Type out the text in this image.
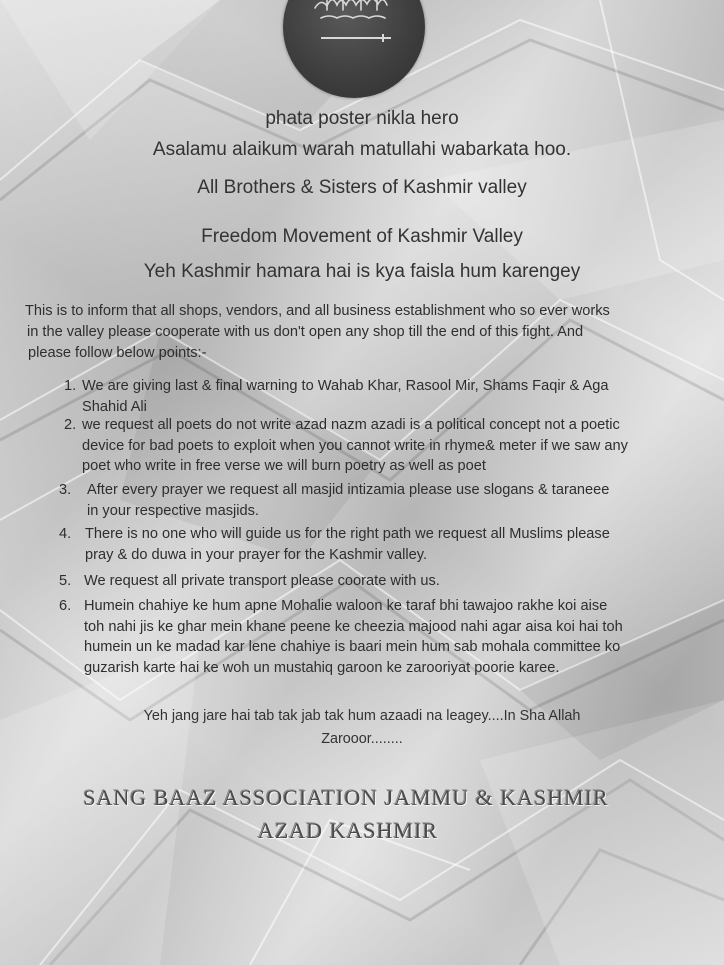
phata poster nikla hero
Asalamu alaikum warah matullahi wabarkata hoo.
All Brothers & Sisters of Kashmir valley
Freedom Movement of Kashmir Valley
Yeh Kashmir hamara hai is kya faisla hum karengey
This is to inform that all shops, vendors, and all business establishment who so ever works
in the valley please cooperate with us don't open any shop till the end of this fight. And
please follow below points:-
1. We are giving last & final warning to Wahab Khar, Rasool Mir, Shams Faqir & Aga
Shahid Ali
2. we request all poets do not write azad nazm azadi is a political concept not a poetic
device for bad poets to exploit when you cannot write in rhyme& meter if we saw any
poet who write in free verse we will burn poetry as well as poet
3. After every prayer we request all masjid intizamia please use slogans & taraneee
in your respective masjids.
4. There is no one who will guide us for the right path we request all Muslims please
pray & do duwa in your prayer for the Kashmir valley.
5. We request all private transport please coorate with us.
6. Humein chahiye ke hum apne Mohalie waloon ke taraf bhi tawajoo rakhe koi aise
toh nahi jis ke ghar mein khane peene ke cheezia majood nahi agar aisa koi hai toh
humein un ke madad kar lene chahiye is baari mein hum sab mohala committee ko
guzarish karte hai ke woh un mustahiq garoon ke zarooriyat poorie karee.
Yeh jang jare hai tab tak jab tak hum azaadi na leagey....In Sha Allah
Zarooor........
SANG BAAZ ASSOCIATION JAMMU & KASHMIR
AZAD KASHMIR
